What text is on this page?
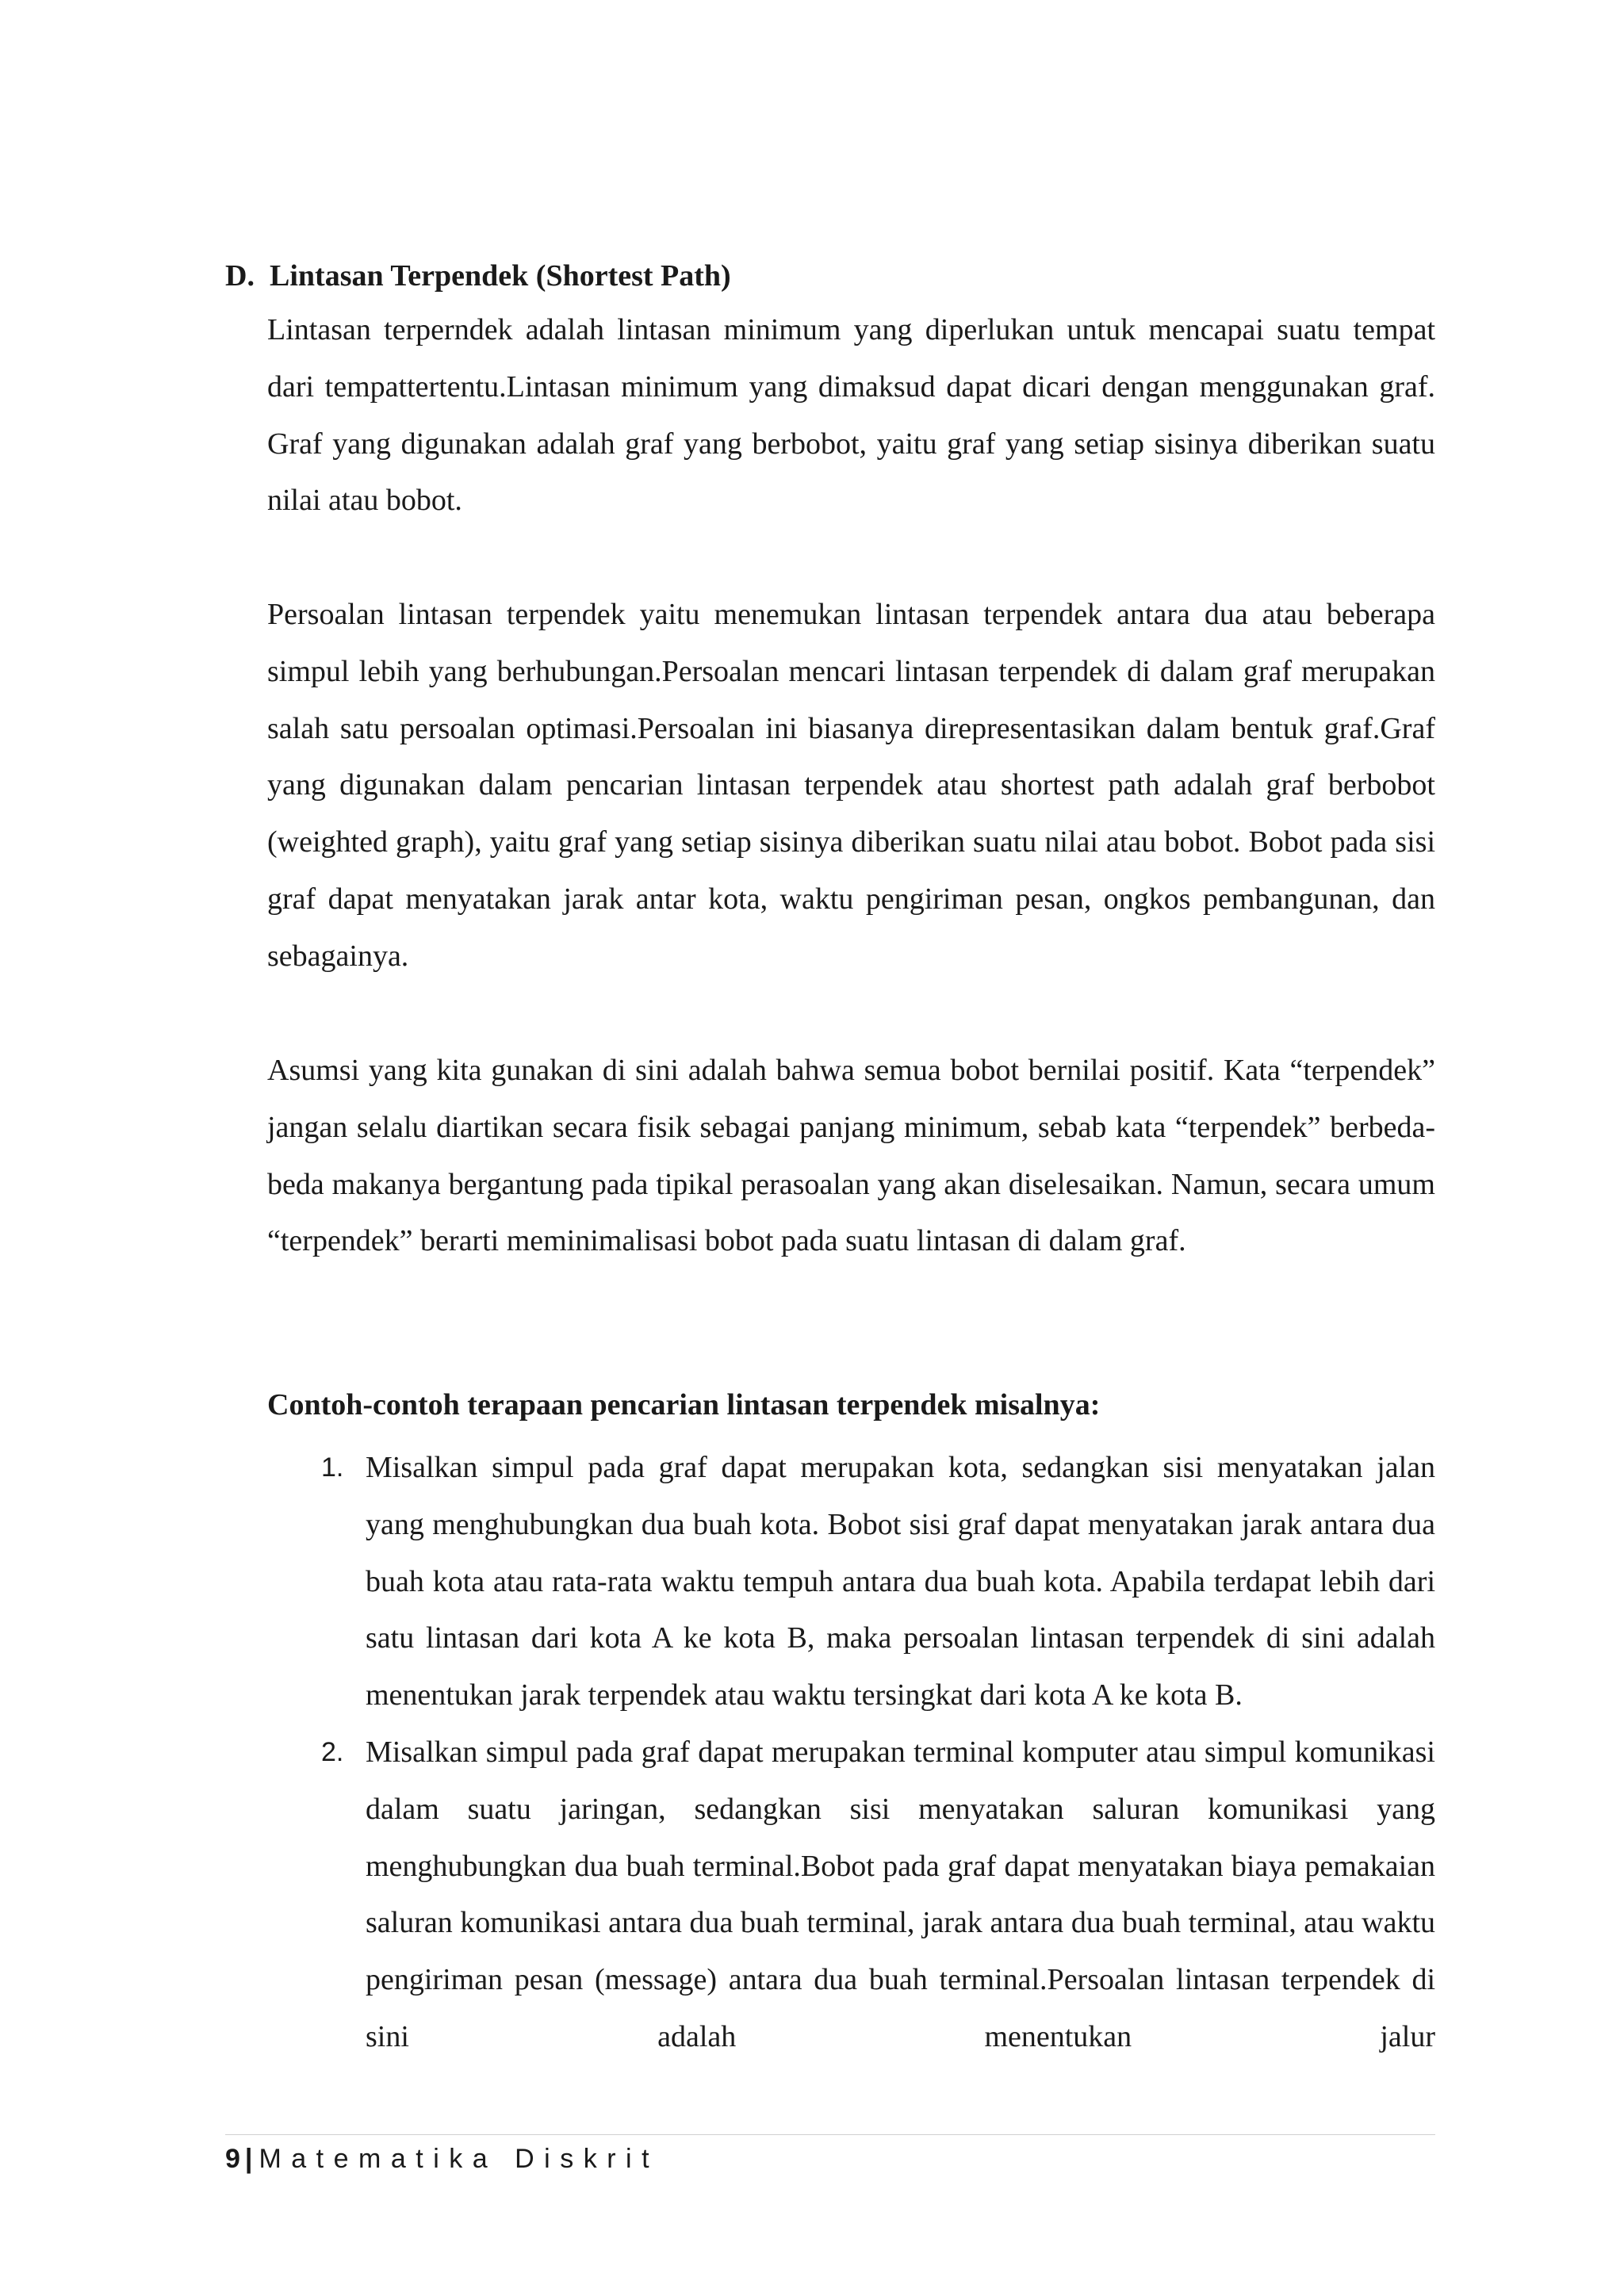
D. Lintasan Terpendek (Shortest Path)

Lintasan terperndek adalah lintasan minimum yang diperlukan untuk mencapai suatu tempat dari tempattertentu.Lintasan minimum yang dimaksud dapat dicari dengan menggunakan graf. Graf yang digunakan adalah graf yang berbobot, yaitu graf yang setiap sisinya diberikan suatu nilai atau bobot.

Persoalan lintasan terpendek yaitu menemukan lintasan terpendek antara dua atau beberapa simpul lebih yang berhubungan.Persoalan mencari lintasan terpendek di dalam graf merupakan salah satu persoalan optimasi.Persoalan ini biasanya direpresentasikan dalam bentuk graf.Graf yang digunakan dalam pencarian lintasan terpendek atau shortest path adalah graf berbobot (weighted graph), yaitu graf yang setiap sisinya diberikan suatu nilai atau bobot. Bobot pada sisi graf dapat menyatakan jarak antar kota, waktu pengiriman pesan, ongkos pembangunan, dan sebagainya.

Asumsi yang kita gunakan di sini adalah bahwa semua bobot bernilai positif. Kata “terpendek” jangan selalu diartikan secara fisik sebagai panjang minimum, sebab kata “terpendek” berbeda-beda makanya bergantung pada tipikal perasoalan yang akan diselesaikan. Namun, secara umum “terpendek” berarti meminimalisasi bobot pada suatu lintasan di dalam graf.

Contoh-contoh terapaan pencarian lintasan terpendek misalnya:
1. Misalkan simpul pada graf dapat merupakan kota, sedangkan sisi menyatakan jalan yang menghubungkan dua buah kota. Bobot sisi graf dapat menyatakan jarak antara dua buah kota atau rata-rata waktu tempuh antara dua buah kota. Apabila terdapat lebih dari satu lintasan dari kota A ke kota B, maka persoalan lintasan terpendek di sini adalah menentukan jarak terpendek atau waktu tersingkat dari kota A ke kota B.
2. Misalkan simpul pada graf dapat merupakan terminal komputer atau simpul komunikasi dalam suatu jaringan, sedangkan sisi menyatakan saluran komunikasi yang menghubungkan dua buah terminal.Bobot pada graf dapat menyatakan biaya pemakaian saluran komunikasi antara dua buah terminal, jarak antara dua buah terminal, atau waktu pengiriman pesan (message) antara dua buah terminal.Persoalan lintasan terpendek di sini adalah menentukan jalur
9 | Matematika Diskrit
